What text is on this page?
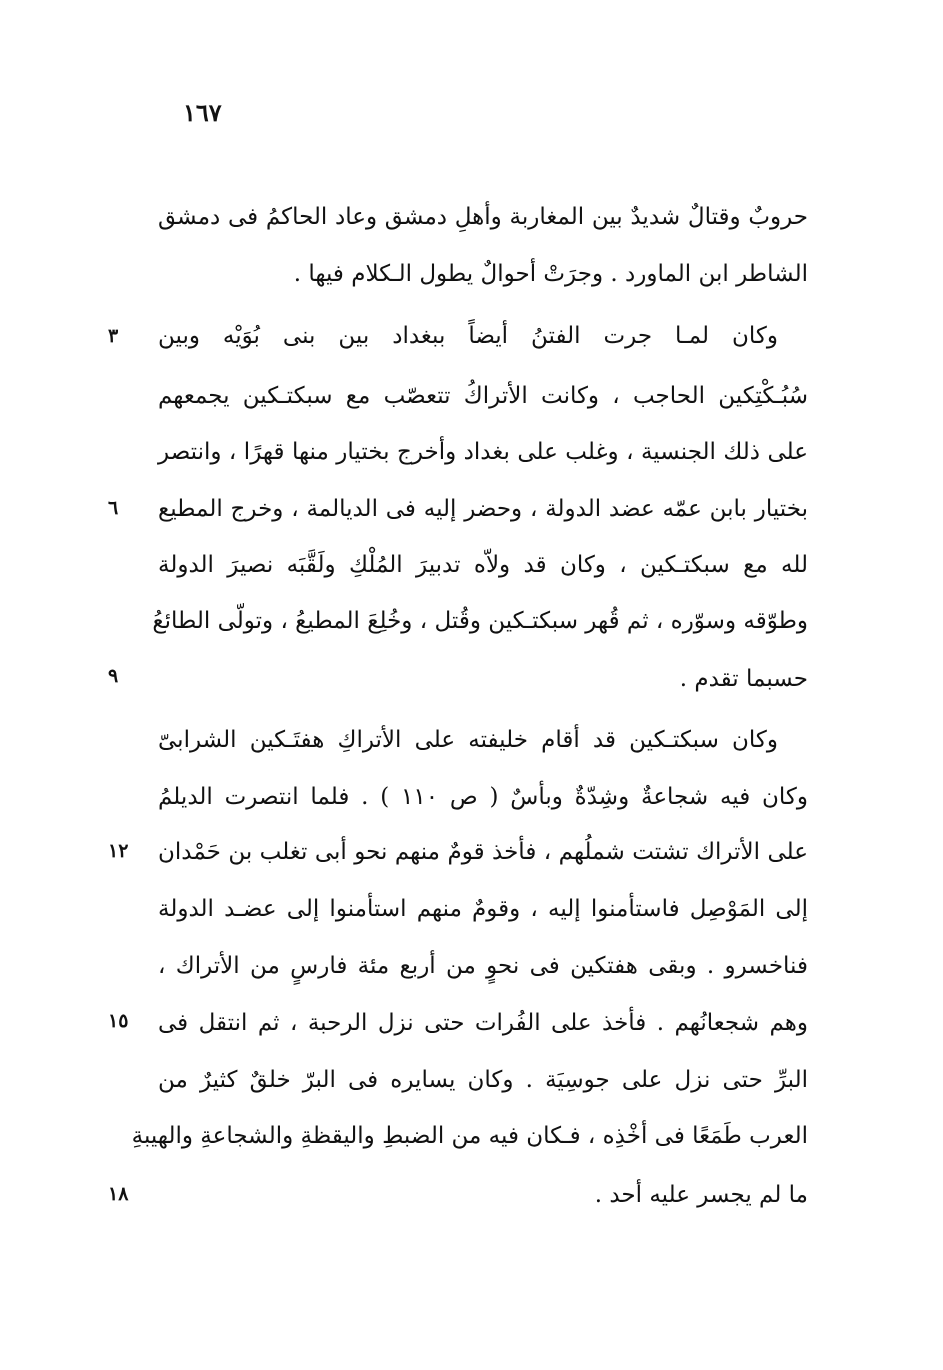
١٦٧
حروبٌ وقتالٌ شديدٌ بين المغاربة وأهلِ دمشق وعاد الحاكمُ فى دمشق
الشاطر ابن الماورد . وجرَتْ أحوالٌ يطول الـكلام فيها .
وكان لمـا جرت الفتنُ أيضاً ببغداد بين بنى بُوَيْه وبين
سُبُـكْتِكين الحاجب ، وكانت الأتراكُ تتعصّب مع سبكتـكين يجمعهم
على ذلك الجنسية ، وغلب على بغداد وأخرج بختيار منها قهرًا ، وانتصر
بختيار بابن عمّه عضد الدولة ، وحضر إليه فى الديالمة ، وخرج المطيع
لله مع سبكتـكين ، وكان قد ولاّه تدبيرَ المُلْكِ ولَقَّبَه نصيرَ الدولة
وطوّقه وسوّره ، ثم قُهر سبكتـكين وقُتل ، وخُلِعَ المطيعُ ، وتولّى الطائعُ
حسبما تقدم .
وكان سبكتـكين قد أقام خليفته على الأتراكِ هفتَـكين الشرابىّ
وكان فيه شجاعةٌ وشِدّةٌ وبأسٌ ( ص ١١٠ ) . فلما انتصرت الديلمُ
على الأتراك تشتت شملُهم ، فأخذ قومٌ منهم نحو أبى تغلب بن حَمْدان
إلى المَوْصِل فاستأمنوا إليه ، وقومٌ منهم استأمنوا إلى عضـد الدولة
فناخسرو . وبقى هفتكين فى نحوٍ من أربع مئة فارسٍ من الأتراك ،
وهم شجعانُهم . فأخذ على الفُرات حتى نزل الرحبة ، ثم انتقل فى
البرِّ حتى نزل على جوسِيَة . وكان يسايره فى البرّ خلقٌ كثيرٌ من
العرب طَمَعًا فى أخْذِه ، فـكان فيه من الضبطِ واليقظةِ والشجاعةِ والهيبةِ
ما لم يجسر عليه أحد .
٣
٦
٩
١٢
١٥
١٨
